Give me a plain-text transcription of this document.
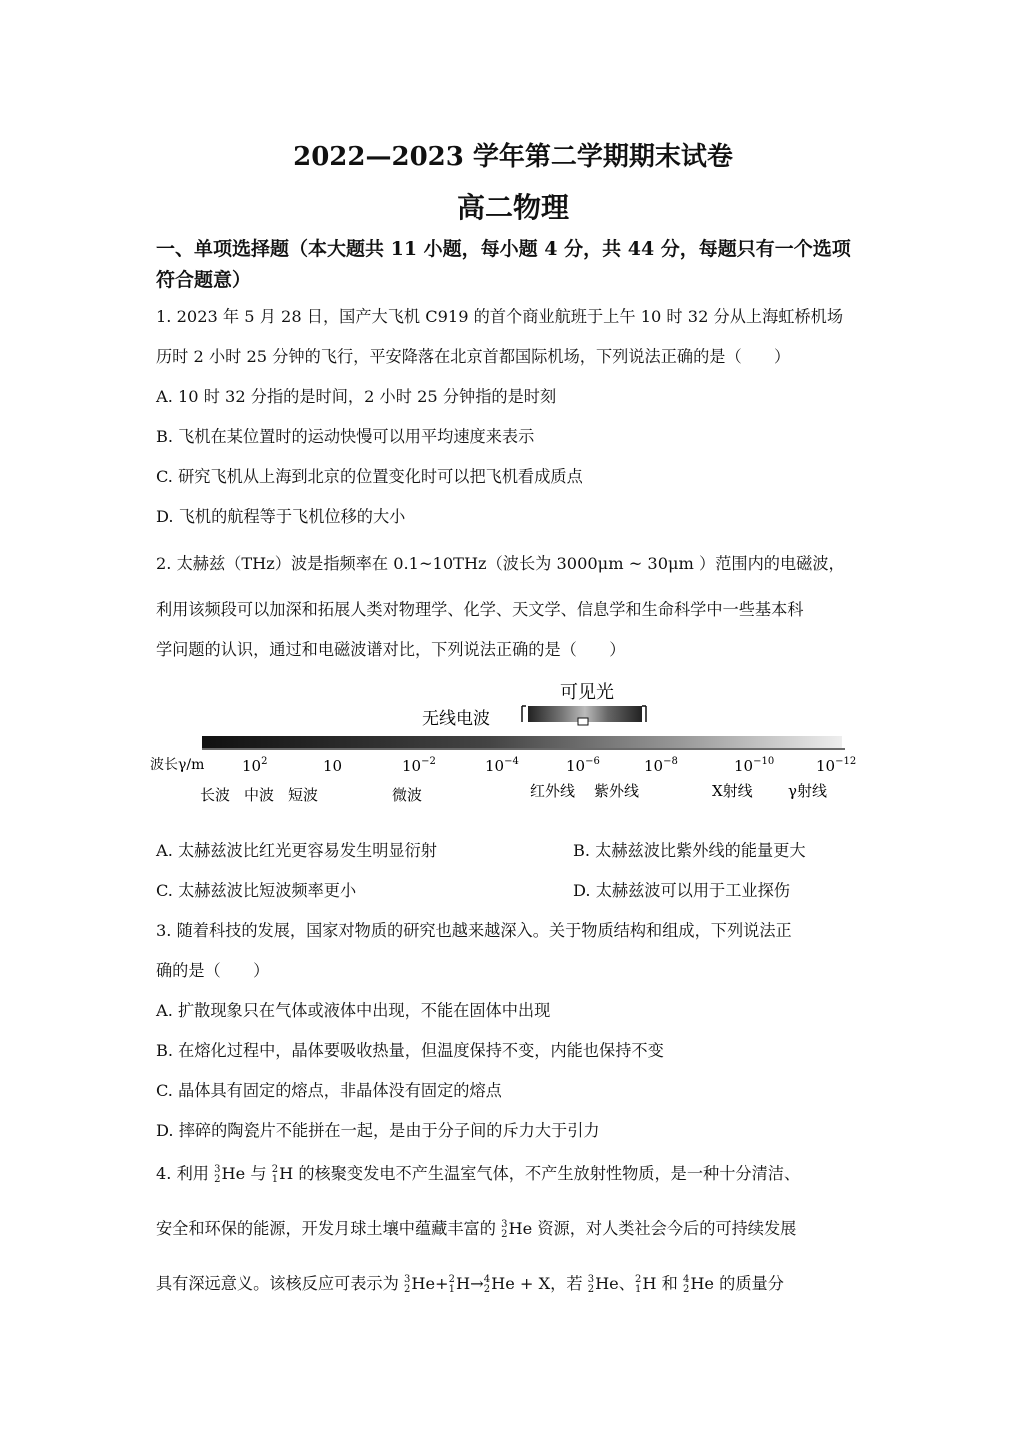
2022—2023 学年第二学期期末试卷
高二物理
一、单项选择题（本大题共 11 小题，每小题 4 分，共 44 分，每题只有一个选项
符合题意）
1. 2023 年 5 月 28 日，国产大飞机 C919 的首个商业航班于上午 10 时 32 分从上海虹桥机场
历时 2 小时 25 分钟的飞行，平安降落在北京首都国际机场，下列说法正确的是（　　）
A. 10 时 32 分指的是时间，2 小时 25 分钟指的是时刻
B. 飞机在某位置时的运动快慢可以用平均速度来表示
C. 研究飞机从上海到北京的位置变化时可以把飞机看成质点
D. 飞机的航程等于飞机位移的大小
2. 太赫兹（THz）波是指频率在 0.1~10THz（波长为 3000μm ~ 30μm ）范围内的电磁波，
利用该频段可以加深和拓展人类对物理学、化学、天文学、信息学和生命科学中一些基本科
学问题的认识，通过和电磁波谱对比，下列说法正确的是（　　）
可见光
无线电波
波长γ/m	$10^2$	10	$10^{-2}$	$10^{-4}$	$10^{-6}$	$10^{-8}$	$10^{-10}$	$10^{-12}$
长波 中波 短波	微波	红外线 紫外线	X射线 γ射线
A. 太赫兹波比红光更容易发生明显衍射	B. 太赫兹波比紫外线的能量更大
C. 太赫兹波比短波频率更小	D. 太赫兹波可以用于工业探伤
3. 随着科技的发展，国家对物质的研究也越来越深入。关于物质结构和组成，下列说法正
确的是（　　）
A. 扩散现象只在气体或液体中出现，不能在固体中出现
B. 在熔化过程中，晶体要吸收热量，但温度保持不变，内能也保持不变
C. 晶体具有固定的熔点，非晶体没有固定的熔点
D. 摔碎的陶瓷片不能拼在一起，是由于分子间的斥力大于引力
4. 利用 3
2 He 与 2
1 H 的核聚变发电不产生温室气体，不产生放射性物质，是一种十分清洁、
安全和环保的能源，开发月球土壤中蕴藏丰富的 3
2 He 资源，对人类社会今后的可持续发展
具有深远意义。该核反应可表示为 3
2 He+ 2
1 H→ 4
2 He + X，若 3
2 He、 2
1 H 和 4
2 He 的质量分
